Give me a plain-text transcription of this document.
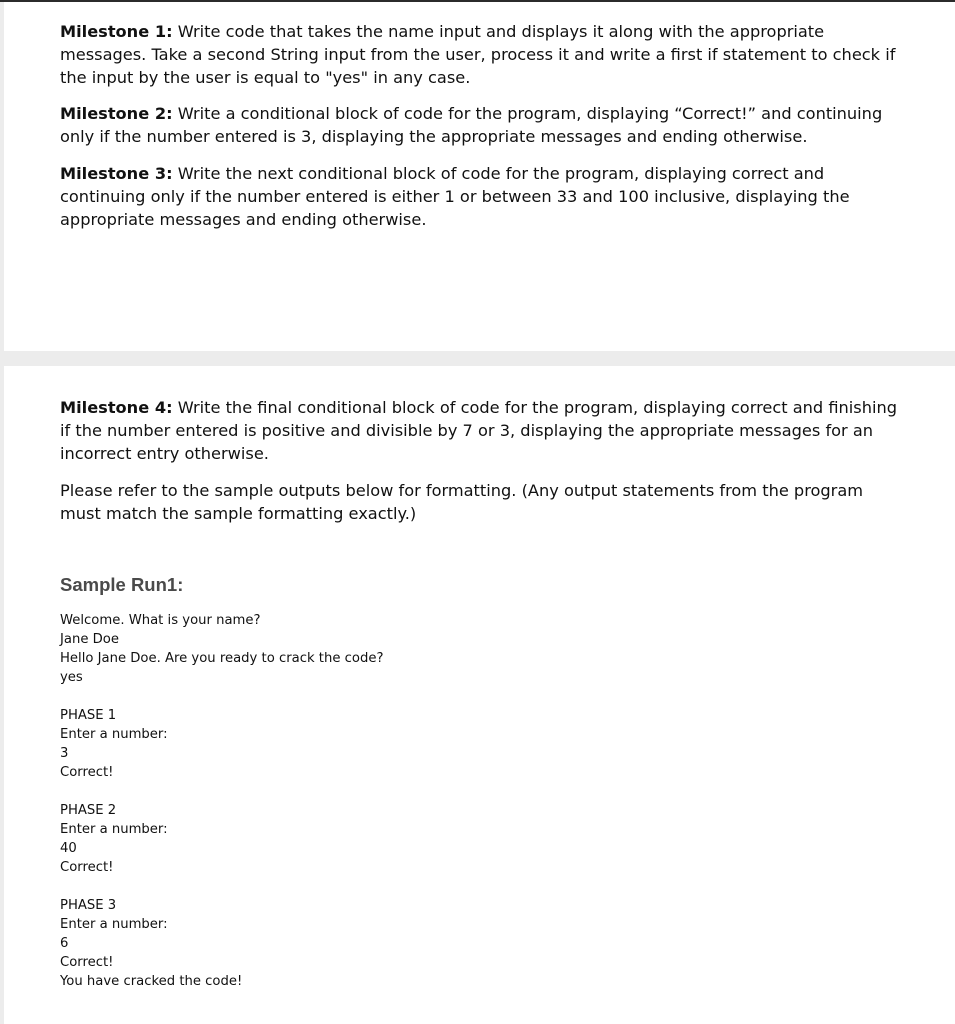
Milestone 1: Write code that takes the name input and displays it along with the appropriate messages. Take a second String input from the user, process it and write a first if statement to check if the input by the user is equal to "yes" in any case.

Milestone 2: Write a conditional block of code for the program, displaying “Correct!” and continuing only if the number entered is 3, displaying the appropriate messages and ending otherwise.

Milestone 3: Write the next conditional block of code for the program, displaying correct and continuing only if the number entered is either 1 or between 33 and 100 inclusive, displaying the appropriate messages and ending otherwise.

Milestone 4: Write the final conditional block of code for the program, displaying correct and finishing if the number entered is positive and divisible by 7 or 3, displaying the appropriate messages for an incorrect entry otherwise.

Please refer to the sample outputs below for formatting. (Any output statements from the program must match the sample formatting exactly.)

Sample Run1:
Welcome. What is your name?
Jane Doe
Hello Jane Doe. Are you ready to crack the code?
yes
PHASE 1
Enter a number:
3
Correct!
PHASE 2
Enter a number:
40
Correct!
PHASE 3
Enter a number:
6
Correct!
You have cracked the code!
